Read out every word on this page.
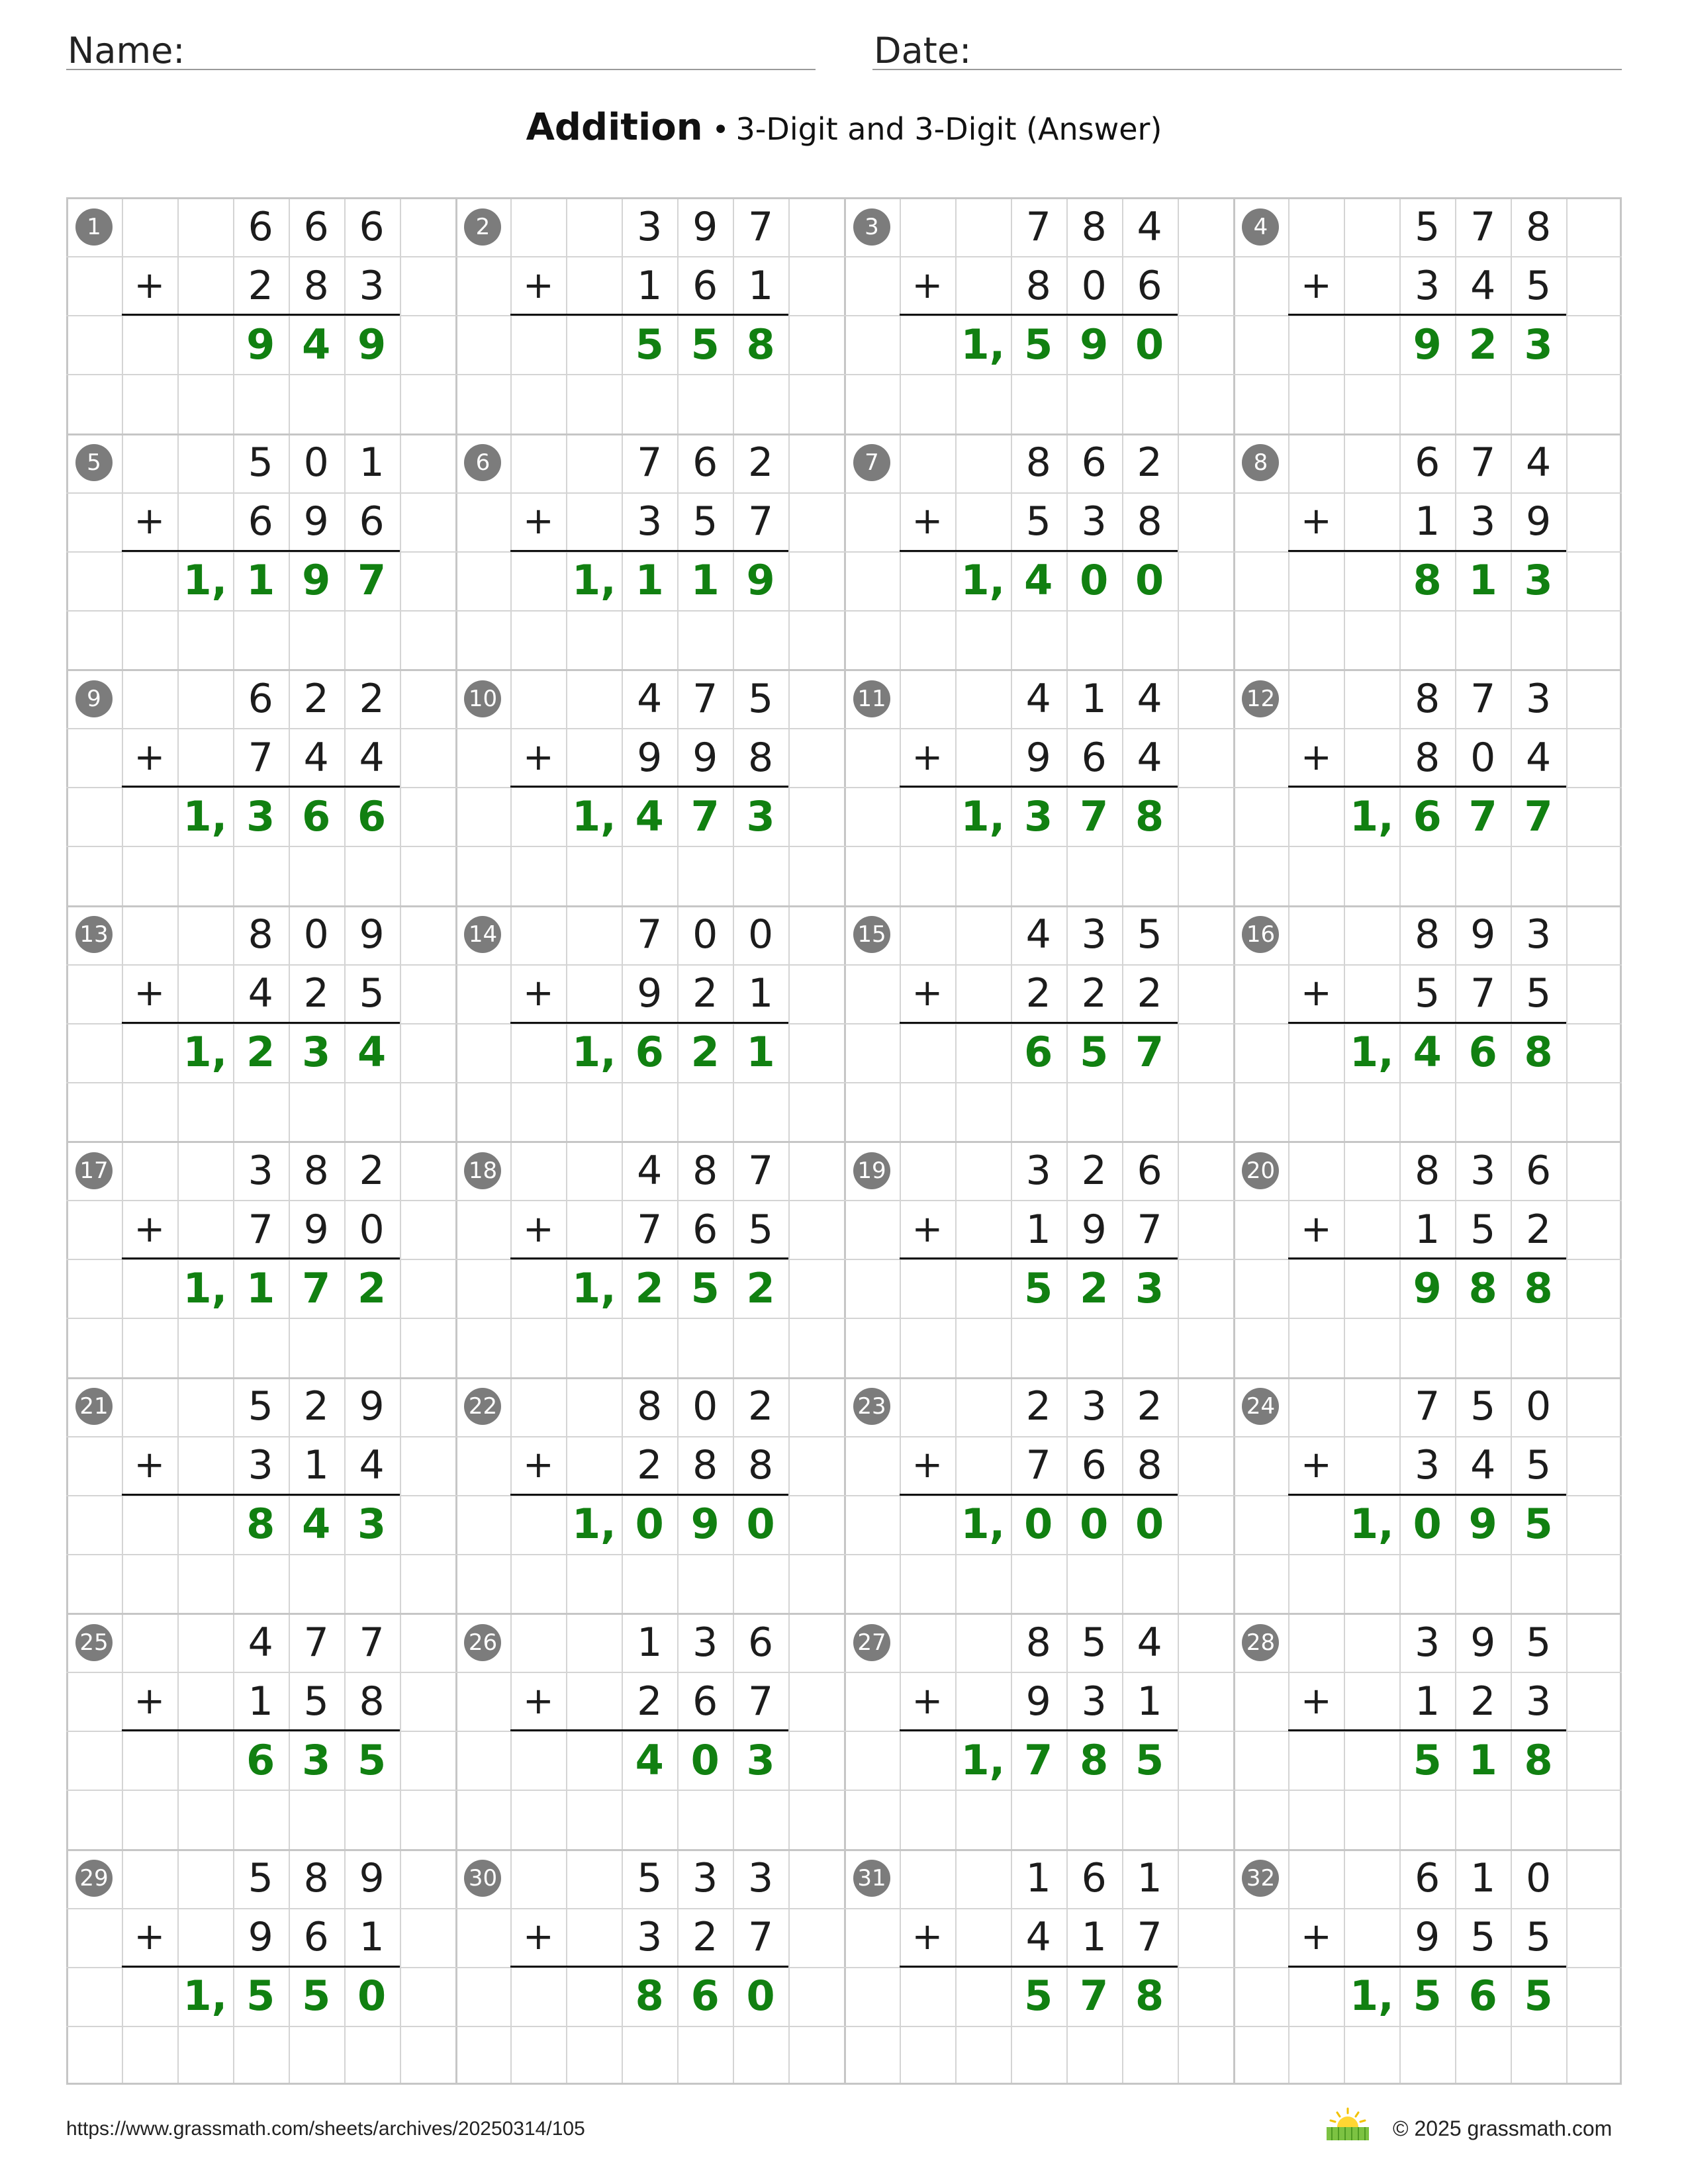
Name:	Date:
Addition • 3-Digit and 3-Digit (Answer)
1	6 6 6
2 8 3
+
9 4 9
2	3 9 7
1 6 1
+
5 5 8
3	7 8 4
8 0 6
+
1, 5 9 0
4	5 7 8
3 4 5
+
9 2 3
5	5 0 1
6 9 6
+
1, 1 9 7
6	7 6 2
3 5 7
+
1, 1 1 9
7	8 6 2
5 3 8
+
1, 4 0 0
8	6 7 4
1 3 9
+
8 1 3
9	6 2 2
7 4 4
+
1, 3 6 6
10	4 7 5
9 9 8
+
1, 4 7 3
11	4 1 4
9 6 4
+
1, 3 7 8
12	8 7 3
8 0 4
+
1, 6 7 7
13	8 0 9
4 2 5
+
1, 2 3 4
14	7 0 0
9 2 1
+
1, 6 2 1
15	4 3 5
2 2 2
+
6 5 7
16	8 9 3
5 7 5
+
1, 4 6 8
17	3 8 2
7 9 0
+
1, 1 7 2
18	4 8 7
7 6 5
+
1, 2 5 2
19	3 2 6
1 9 7
+
5 2 3
20	8 3 6
1 5 2
+
9 8 8
21	5 2 9
3 1 4
+
8 4 3
22	8 0 2
2 8 8
+
1, 0 9 0
23	2 3 2
7 6 8
+
1, 0 0 0
24	7 5 0
3 4 5
+
1, 0 9 5
25	4 7 7
1 5 8
+
6 3 5
26	1 3 6
2 6 7
+
4 0 3
27	8 5 4
9 3 1
+
1, 7 8 5
28	3 9 5
1 2 3
+
5 1 8
29	5 8 9
9 6 1
+
1, 5 5 0
30	5 3 3
3 2 7
+
8 6 0
31	1 6 1
4 1 7
+
5 7 8
32	6 1 0
9 5 5
+
1, 5 6 5
https://www.grassmath.com/sheets/archives/20250314/105	© 2025 grassmath.com
